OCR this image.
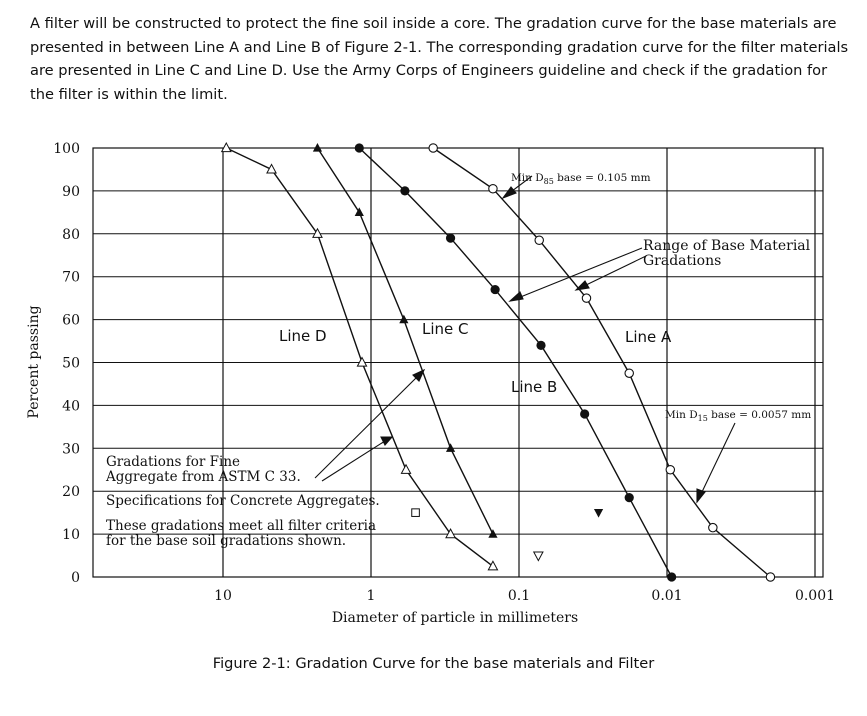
A filter will be constructed to protect the fine soil inside a core. The gradation curve for the base materials are presented in between Line A and Line B of Figure 2-1. The corresponding gradation curve for the filter materials are presented in Line C and Line D. Use the Army Corps of Engineers guideline and check if the gradation for the filter is within the limit.
0
10
20
30
40
50
60
70
80
90
100
10	1	0.1	0.01	0.001
Line D	Line C	Line A
Line B
Min $D_{85}$ base = 0.105 mm
Min $D_{15}$ base = 0.0057 mm
Range of Base Material
Gradations
Gradations for Fine
Aggregate from ASTM C 33.
Specifications for Concrete Aggregates.
These gradations meet all filter criteria
for the base soil gradations shown.
Diameter of particle in millimeters
Percent passing
Figure 2-1: Gradation Curve for the base materials and Filter
